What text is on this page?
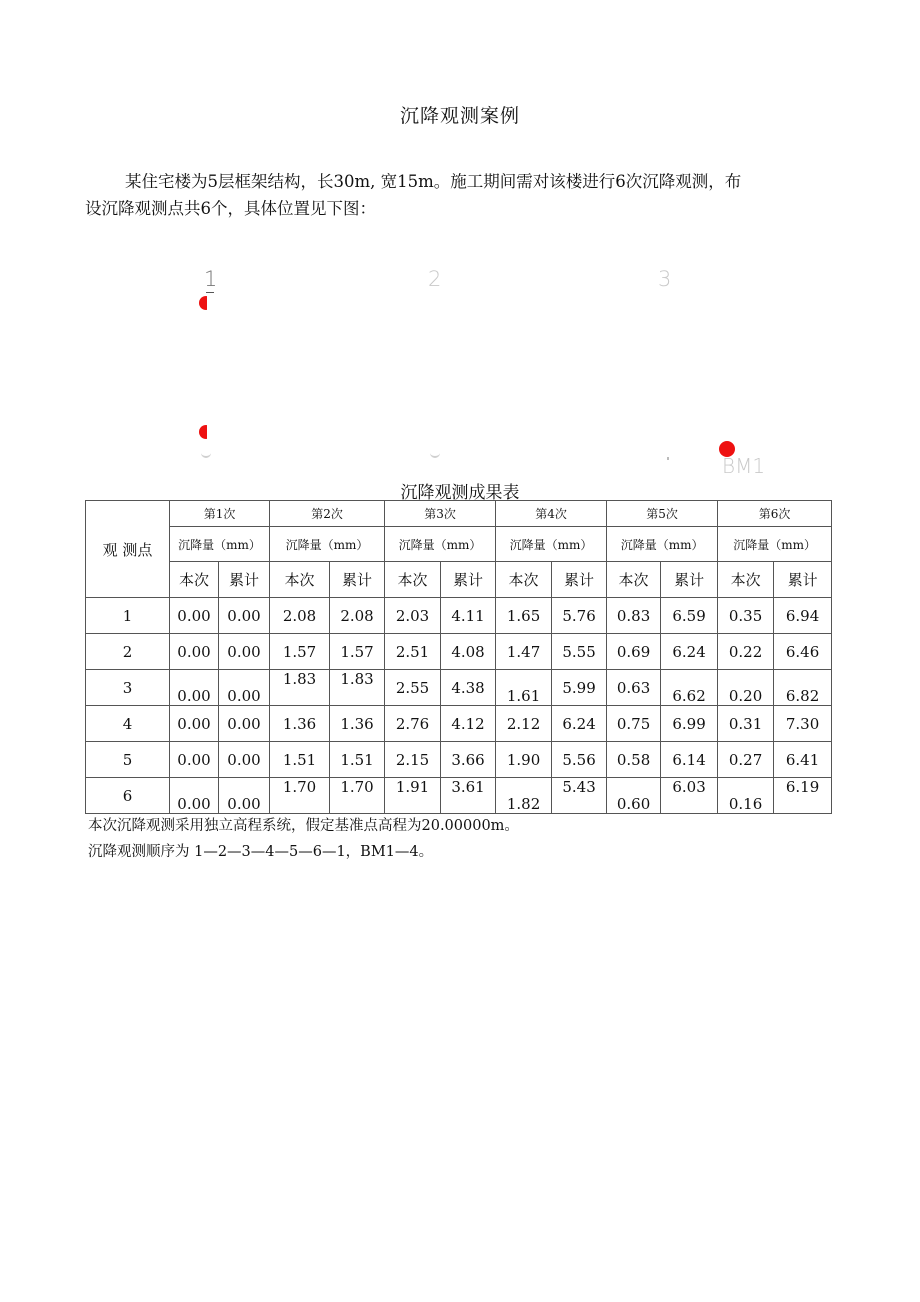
沉降观测案例
某住宅楼为5层框架结构，长30m, 宽15m。施工期间需对该楼进行6次沉降观测，布
设沉降观测点共6个，具体位置见下图：
1	2	3
BM1
沉降观测成果表
观 测点	第1次		第2次		第3次		第4次		第5次		第6次	
	沉降量（mm）		沉降量（mm）		沉降量（mm）		沉降量（mm）		沉降量（mm）		沉降量（mm）	
	本次	累计	本次	累计	本次	累计	本次	累计	本次	累计	本次	累计
1	0.00	0.00	2.08	2.08	2.03	4.11	1.65	5.76	0.83	6.59	0.35	6.94
2	0.00	0.00	1.57	1.57	2.51	4.08	1.47	5.55	0.69	6.24	0.22	6.46
3	0.00	0.00	1.83	1.83	2.55	4.38	1.61	5.99	0.63	6.62	0.20	6.82
4	0.00	0.00	1.36	1.36	2.76	4.12	2.12	6.24	0.75	6.99	0.31	7.30
5	0.00	0.00	1.51	1.51	2.15	3.66	1.90	5.56	0.58	6.14	0.27	6.41
6	0.00	0.00	1.70	1.70	1.91	3.61	1.82	5.43	0.60	6.03	0.16	6.19
本次沉降观测采用独立高程系统，假定基准点高程为20.00000m。
沉降观测顺序为 1—2—3—4—5—6—1，BM1—4。
